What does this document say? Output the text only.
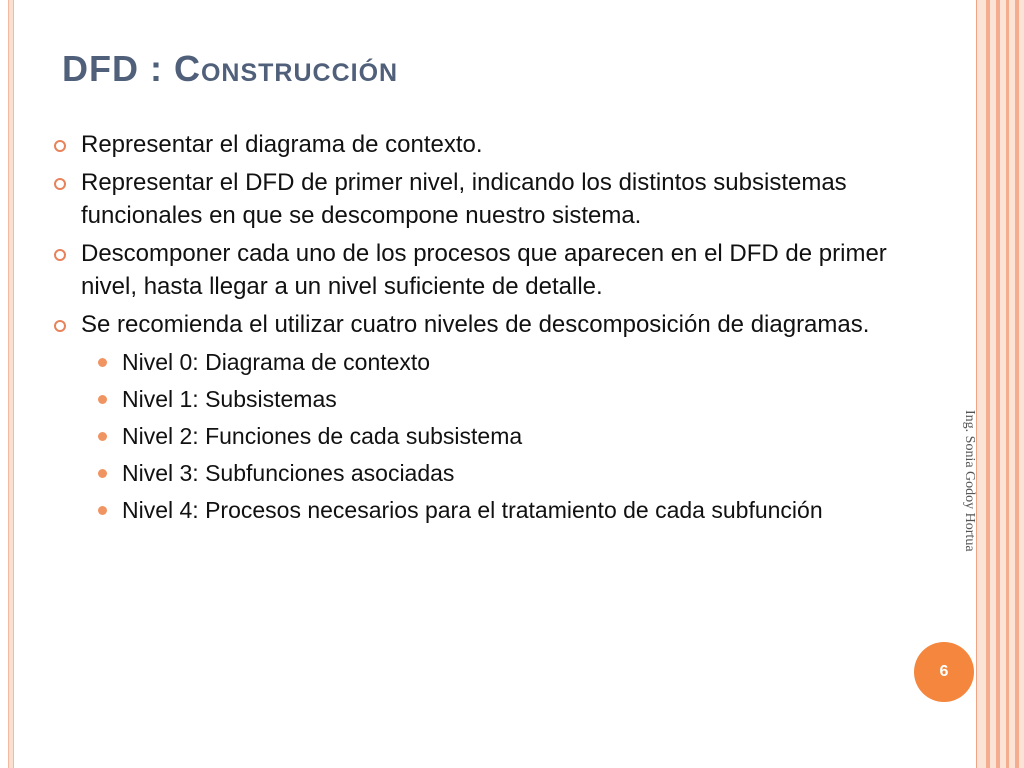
DFD : Construcción
Representar el diagrama de contexto.
Representar el DFD de primer nivel, indicando los distintos subsistemas funcionales en que se descompone nuestro sistema.
Descomponer cada uno de los procesos que aparecen en el DFD de primer nivel, hasta llegar a un nivel suficiente de detalle.
Se recomienda el utilizar cuatro niveles de descomposición de diagramas.
Nivel 0: Diagrama de contexto
Nivel 1: Subsistemas
Nivel 2: Funciones de cada subsistema
Nivel 3: Subfunciones asociadas
Nivel 4: Procesos necesarios para el tratamiento de cada subfunción	Ing. Sonia Godoy Hortua
6
